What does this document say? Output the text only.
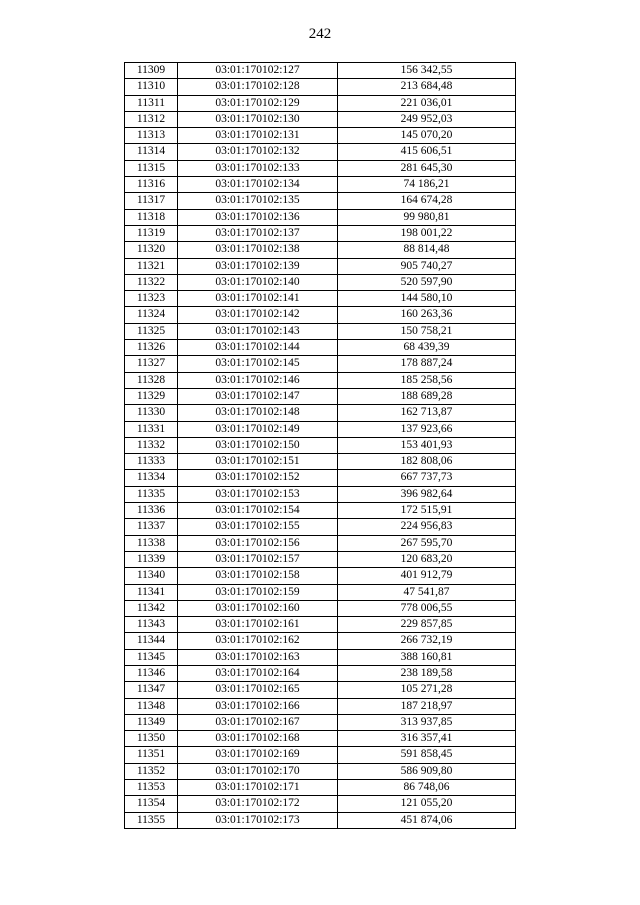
242
11309	03:01:170102:127	156 342,55
11310	03:01:170102:128	213 684,48
11311	03:01:170102:129	221 036,01
11312	03:01:170102:130	249 952,03
11313	03:01:170102:131	145 070,20
11314	03:01:170102:132	415 606,51
11315	03:01:170102:133	281 645,30
11316	03:01:170102:134	74 186,21
11317	03:01:170102:135	164 674,28
11318	03:01:170102:136	99 980,81
11319	03:01:170102:137	198 001,22
11320	03:01:170102:138	88 814,48
11321	03:01:170102:139	905 740,27
11322	03:01:170102:140	520 597,90
11323	03:01:170102:141	144 580,10
11324	03:01:170102:142	160 263,36
11325	03:01:170102:143	150 758,21
11326	03:01:170102:144	68 439,39
11327	03:01:170102:145	178 887,24
11328	03:01:170102:146	185 258,56
11329	03:01:170102:147	188 689,28
11330	03:01:170102:148	162 713,87
11331	03:01:170102:149	137 923,66
11332	03:01:170102:150	153 401,93
11333	03:01:170102:151	182 808,06
11334	03:01:170102:152	667 737,73
11335	03:01:170102:153	396 982,64
11336	03:01:170102:154	172 515,91
11337	03:01:170102:155	224 956,83
11338	03:01:170102:156	267 595,70
11339	03:01:170102:157	120 683,20
11340	03:01:170102:158	401 912,79
11341	03:01:170102:159	47 541,87
11342	03:01:170102:160	778 006,55
11343	03:01:170102:161	229 857,85
11344	03:01:170102:162	266 732,19
11345	03:01:170102:163	388 160,81
11346	03:01:170102:164	238 189,58
11347	03:01:170102:165	105 271,28
11348	03:01:170102:166	187 218,97
11349	03:01:170102:167	313 937,85
11350	03:01:170102:168	316 357,41
11351	03:01:170102:169	591 858,45
11352	03:01:170102:170	586 909,80
11353	03:01:170102:171	86 748,06
11354	03:01:170102:172	121 055,20
11355	03:01:170102:173	451 874,06
